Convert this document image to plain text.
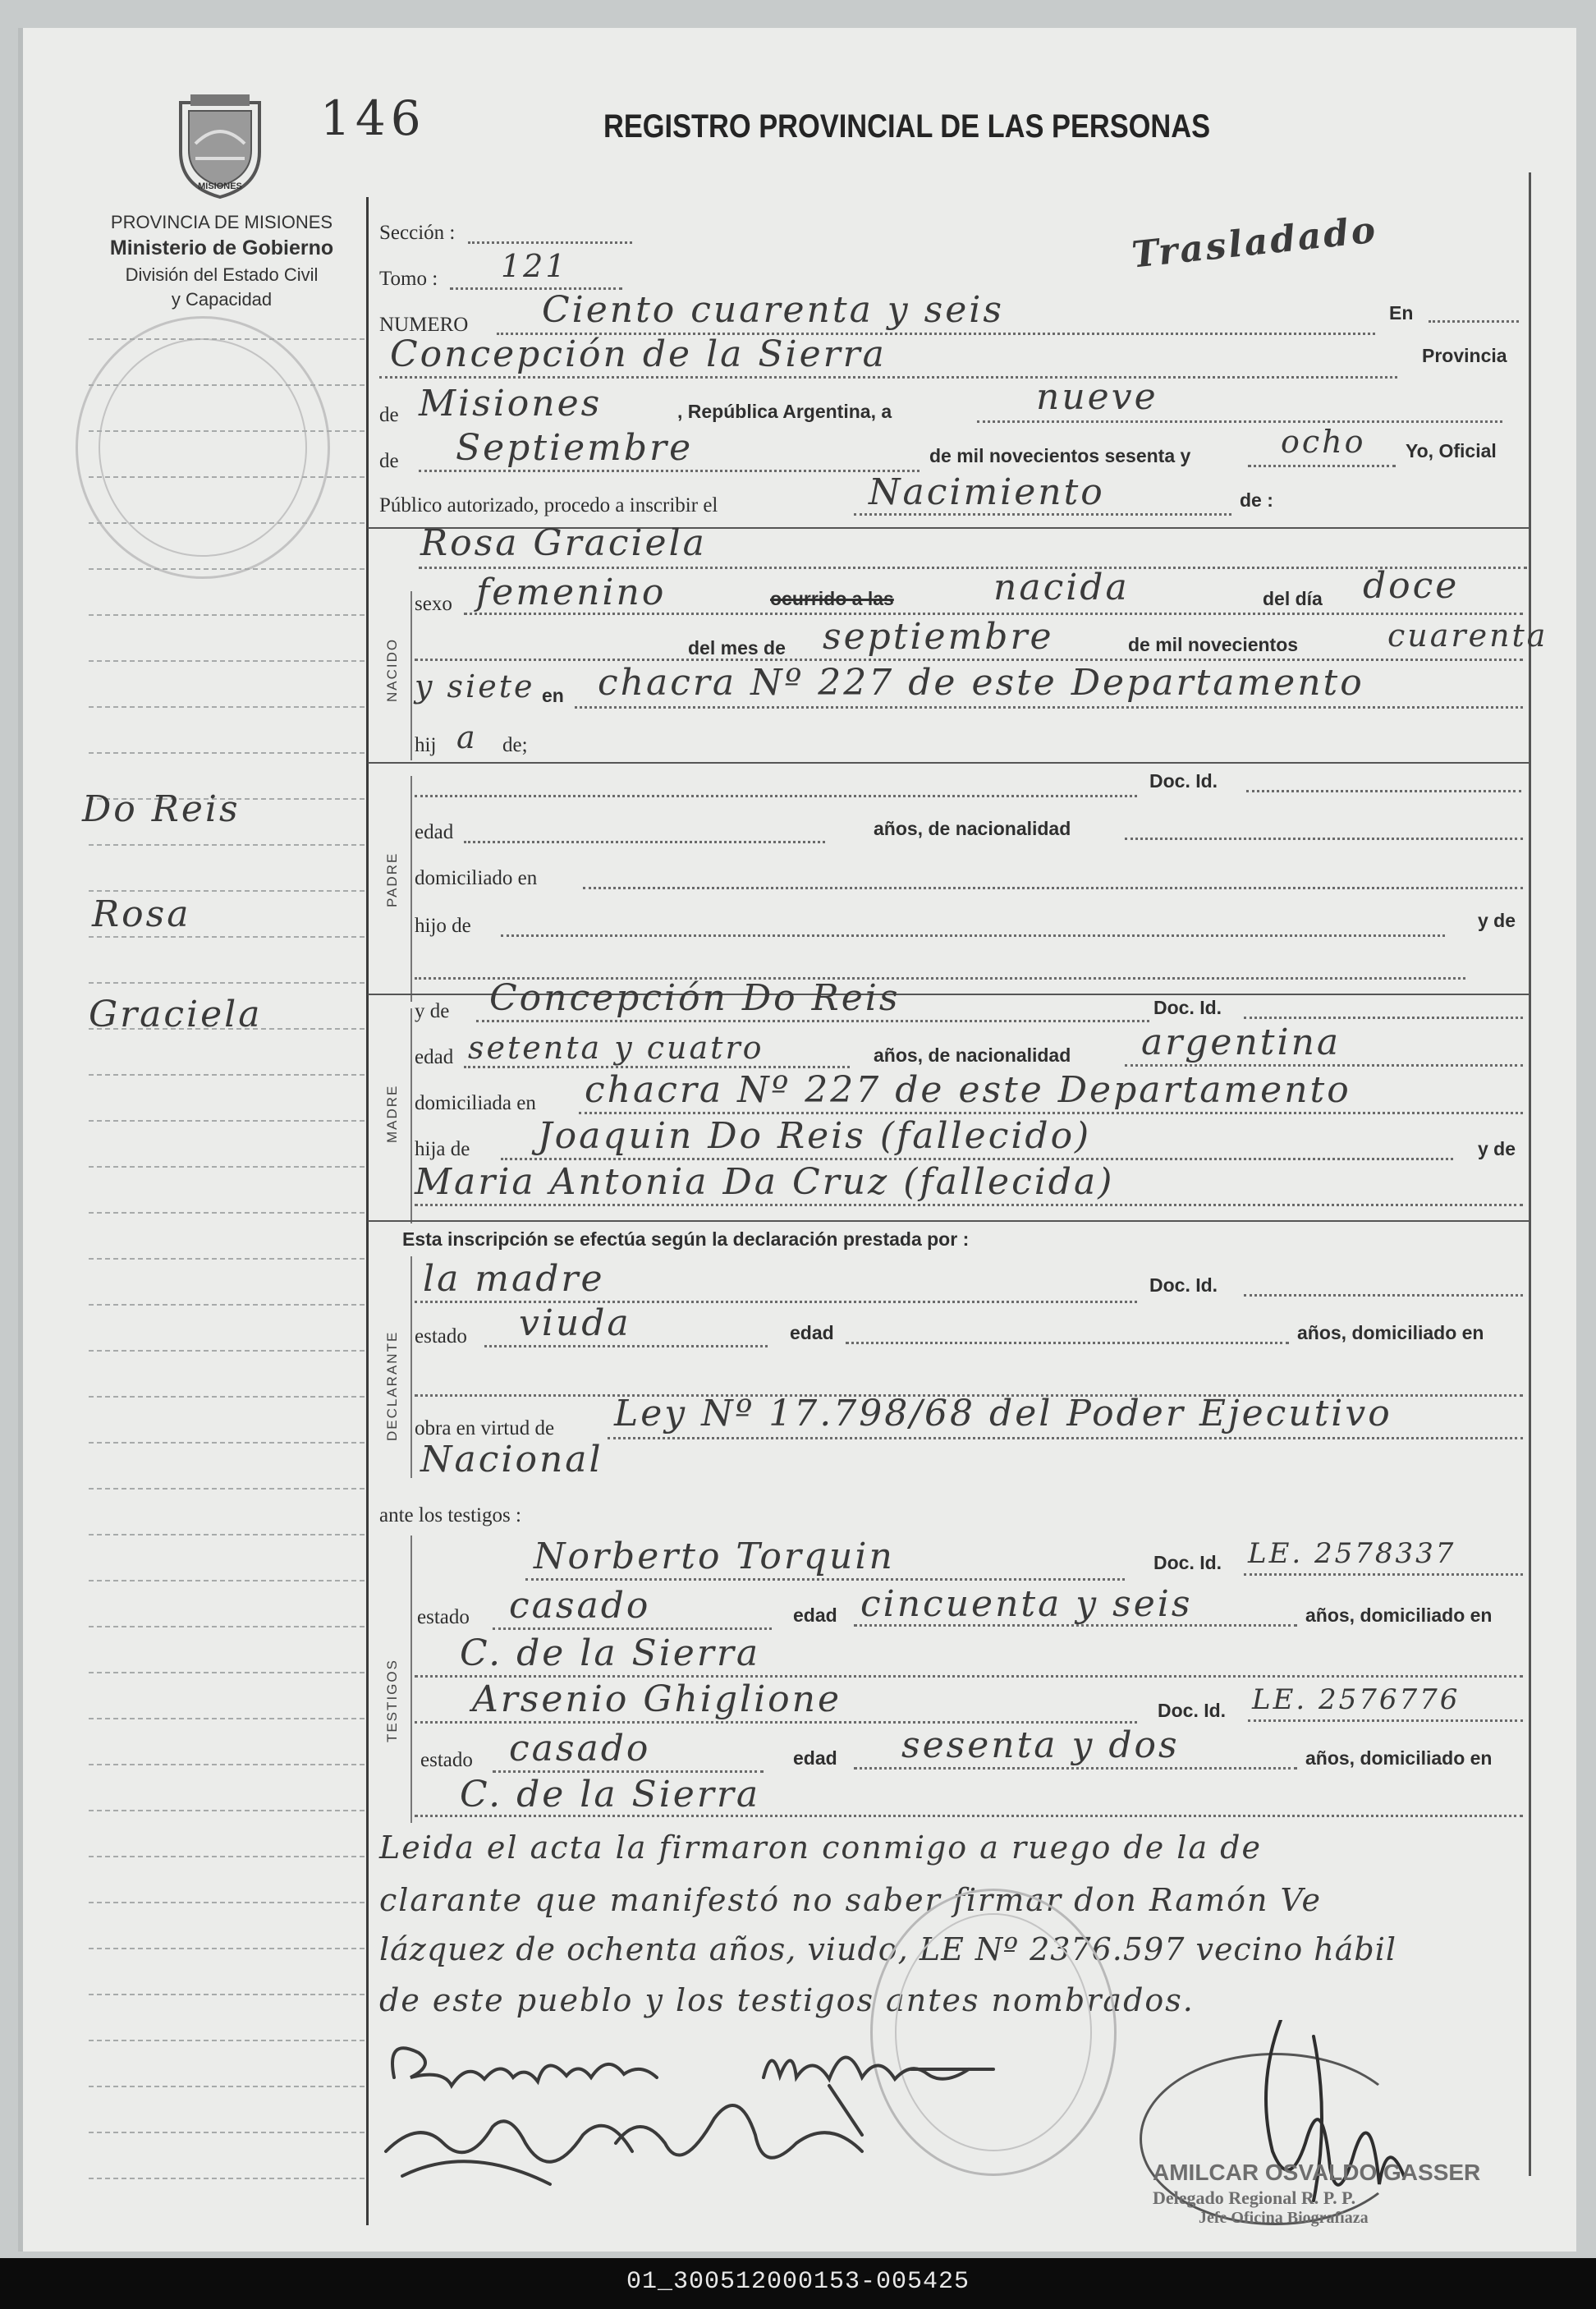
MISIONES
146	REGISTRO PROVINCIAL DE LAS PERSONAS
PROVINCIA DE MISIONES
Ministerio de Gobierno
División del Estado Civil
y Capacidad
Do Reis
Rosa
Graciela
Sección :
Tomo : 121	Trasladado
NUMERO Ciento cuarenta y seis	En
Concepción de la Sierra	Provincia
de Misiones	, República Argentina, a	nueve
de Septiembre	de mil novecientos sesenta y	ocho Yo, Oficial
Público autorizado, procedo a inscribir el	Nacimiento	de :
NACIDO
Rosa Graciela
sexo femenino	ocurrido a las	nacida	del día doce
del mes de septiembre	de mil novecientos	cuarenta
y siete en chacra Nº 227 de este Departamento
hij a de;
PADRE
Doc. Id.
edad	años, de nacionalidad
domiciliado en
hijo de	y de
MADRE
y de Concepción Do Reis	Doc. Id.
edad setenta y cuatro	años, de nacionalidad argentina
domiciliada en chacra Nº 227 de este Departamento
hija de Joaquin Do Reis (fallecido)	y de
Maria Antonia Da Cruz (fallecida)
Esta inscripción se efectúa según la declaración prestada por :
DECLARANTE
la madre	Doc. Id.
estado viuda	edad	años, domiciliado en
obra en virtud de Ley Nº 17.798/68 del Poder Ejecutivo
Nacional
ante los testigos :
TESTIGOS
Norberto Torquin	Doc. Id. LE. 2578337
estado casado	edad cincuenta y seis	años, domiciliado en
C. de la Sierra
Arsenio Ghiglione	Doc. Id. LE. 2576776
estado casado	edad sesenta y dos	años, domiciliado en
C. de la Sierra
Leida el acta la firmaron conmigo a ruego de la de
clarante que manifestó no saber firmar don Ramón Ve
lázquez de ochenta años, viudo, LE Nº 2376.597 vecino hábil
de este pueblo y los testigos antes nombrados.
AMILCAR OSVALDO GASSER
Delegado Regional R. P. P.
Jefe Oficina Biografiaza
01_300512000153-005425
